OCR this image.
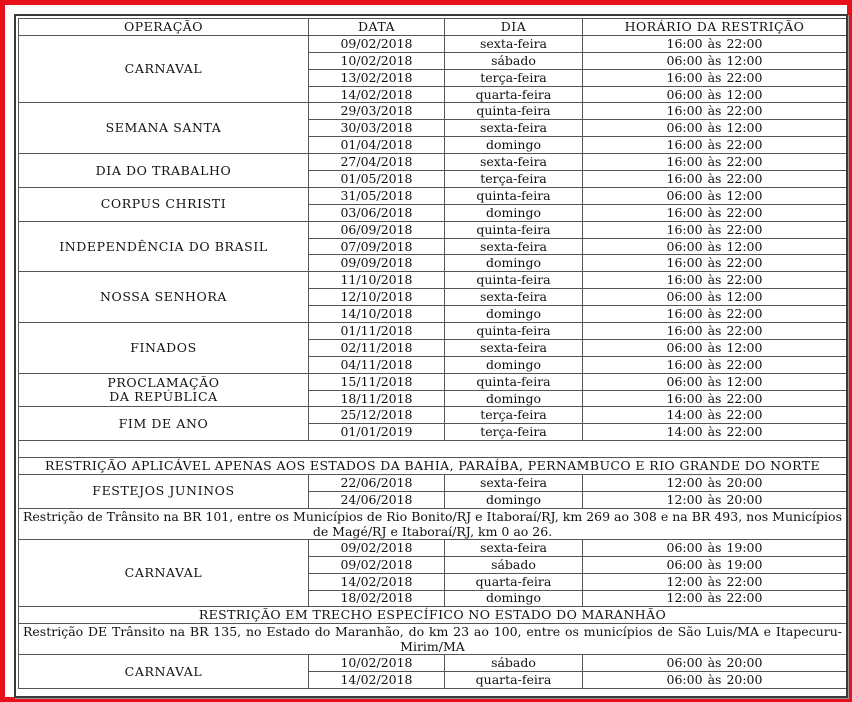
OPERAÇÃO	DATA	DIA	HORÁRIO DA RESTRIÇÃO

CARNAVAL	09/02/2018	sexta-feira	16:00 às 22:00
	10/02/2018	sábado	06:00 às 12:00
	13/02/2018	terça-feira	16:00 às 22:00
	14/02/2018	quarta-feira	06:00 às 12:00

SEMANA SANTA	29/03/2018	quinta-feira	16:00 às 22:00
	30/03/2018	sexta-feira	06:00 às 12:00
	01/04/2018	domingo	16:00 às 22:00

DIA DO TRABALHO	27/04/2018	sexta-feira	16:00 às 22:00
	01/05/2018	terça-feira	16:00 às 22:00

CORPUS CHRISTI	31/05/2018	quinta-feira	06:00 às 12:00
	03/06/2018	domingo	16:00 às 22:00

INDEPENDÊNCIA DO BRASIL	06/09/2018	quinta-feira	16:00 às 22:00
	07/09/2018	sexta-feira	06:00 às 12:00
	09/09/2018	domingo	16:00 às 22:00

NOSSA SENHORA	11/10/2018	quinta-feira	16:00 às 22:00
	12/10/2018	sexta-feira	06:00 às 12:00
	14/10/2018	domingo	16:00 às 22:00

FINADOS	01/11/2018	quinta-feira	16:00 às 22:00
	02/11/2018	sexta-feira	06:00 às 12:00
	04/11/2018	domingo	16:00 às 22:00

PROCLAMAÇÃO
DA REPÚBLICA	15/11/2018	quinta-feira	06:00 às 12:00
	18/11/2018	domingo	16:00 às 22:00

FIM DE ANO	25/12/2018	terça-feira	14:00 às 22:00
	01/01/2019	terça-feira	14:00 às 22:00

RESTRIÇÃO APLICÁVEL APENAS AOS ESTADOS DA BAHIA, PARAÍBA, PERNAMBUCO E RIO GRANDE DO NORTE			

FESTEJOS JUNINOS	22/06/2018	sexta-feira	12:00 às 20:00
	24/06/2018	domingo	12:00 às 20:00
Restrição de Trânsito na BR 101, entre os Municípios de Rio Bonito/RJ e Itaboraí/RJ, km 269 ao 308 e na BR 493, nos Municípios de Magé/RJ e Itaboraí/RJ, km 0 ao 26.			

CARNAVAL	09/02/2018	sexta-feira	06:00 às 19:00
	09/02/2018	sábado	06:00 às 19:00
	14/02/2018	quarta-feira	12:00 às 22:00
	18/02/2018	domingo	12:00 às 22:00
RESTRIÇÃO EM TRECHO ESPECÍFICO NO ESTADO DO MARANHÃO			
Restrição DE Trânsito na BR 135, no Estado do Maranhão, do km 23 ao 100, entre os municípios de São Luis/MA e Itapecuru-Mirim/MA			

CARNAVAL	10/02/2018	sábado	06:00 às 20:00
	14/02/2018	quarta-feira	06:00 às 20:00
